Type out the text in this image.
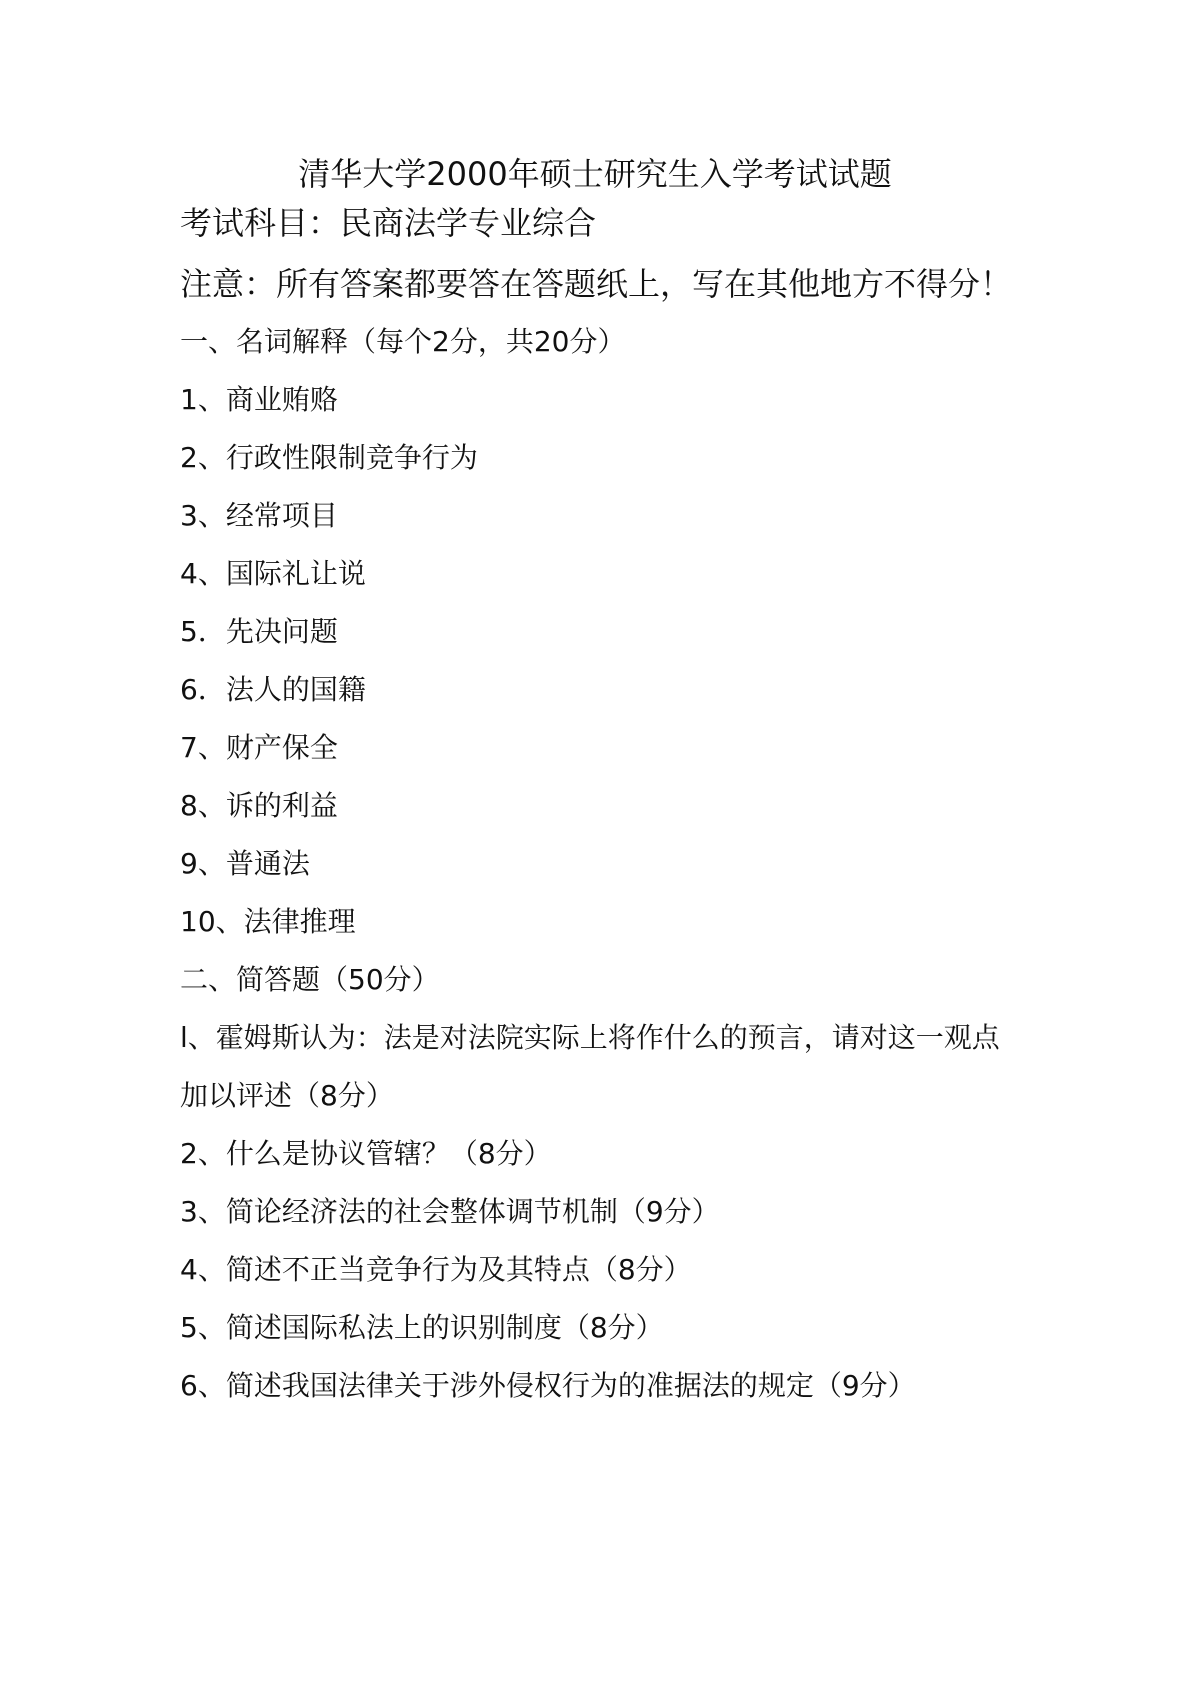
清华大学2000年硕士研究生入学考试试题
考试科目：民商法学专业综合
注意：所有答案都要答在答题纸上，写在其他地方不得分！
一、名词解释（每个2分，共20分）
1、商业贿赂
2、行政性限制竞争行为
3、经常项目
4、国际礼让说
5．先决问题
6．法人的国籍
7、财产保全
8、诉的利益
9、普通法
10、法律推理
二、简答题（50分）
l、霍姆斯认为：法是对法院实际上将作什么的预言，请对这一观点
加以评述（8分）
2、什么是协议管辖？（8分）
3、简论经济法的社会整体调节机制（9分）
4、简述不正当竞争行为及其特点（8分）
5、简述国际私法上的识别制度（8分）
6、简述我国法律关于涉外侵权行为的准据法的规定（9分）
